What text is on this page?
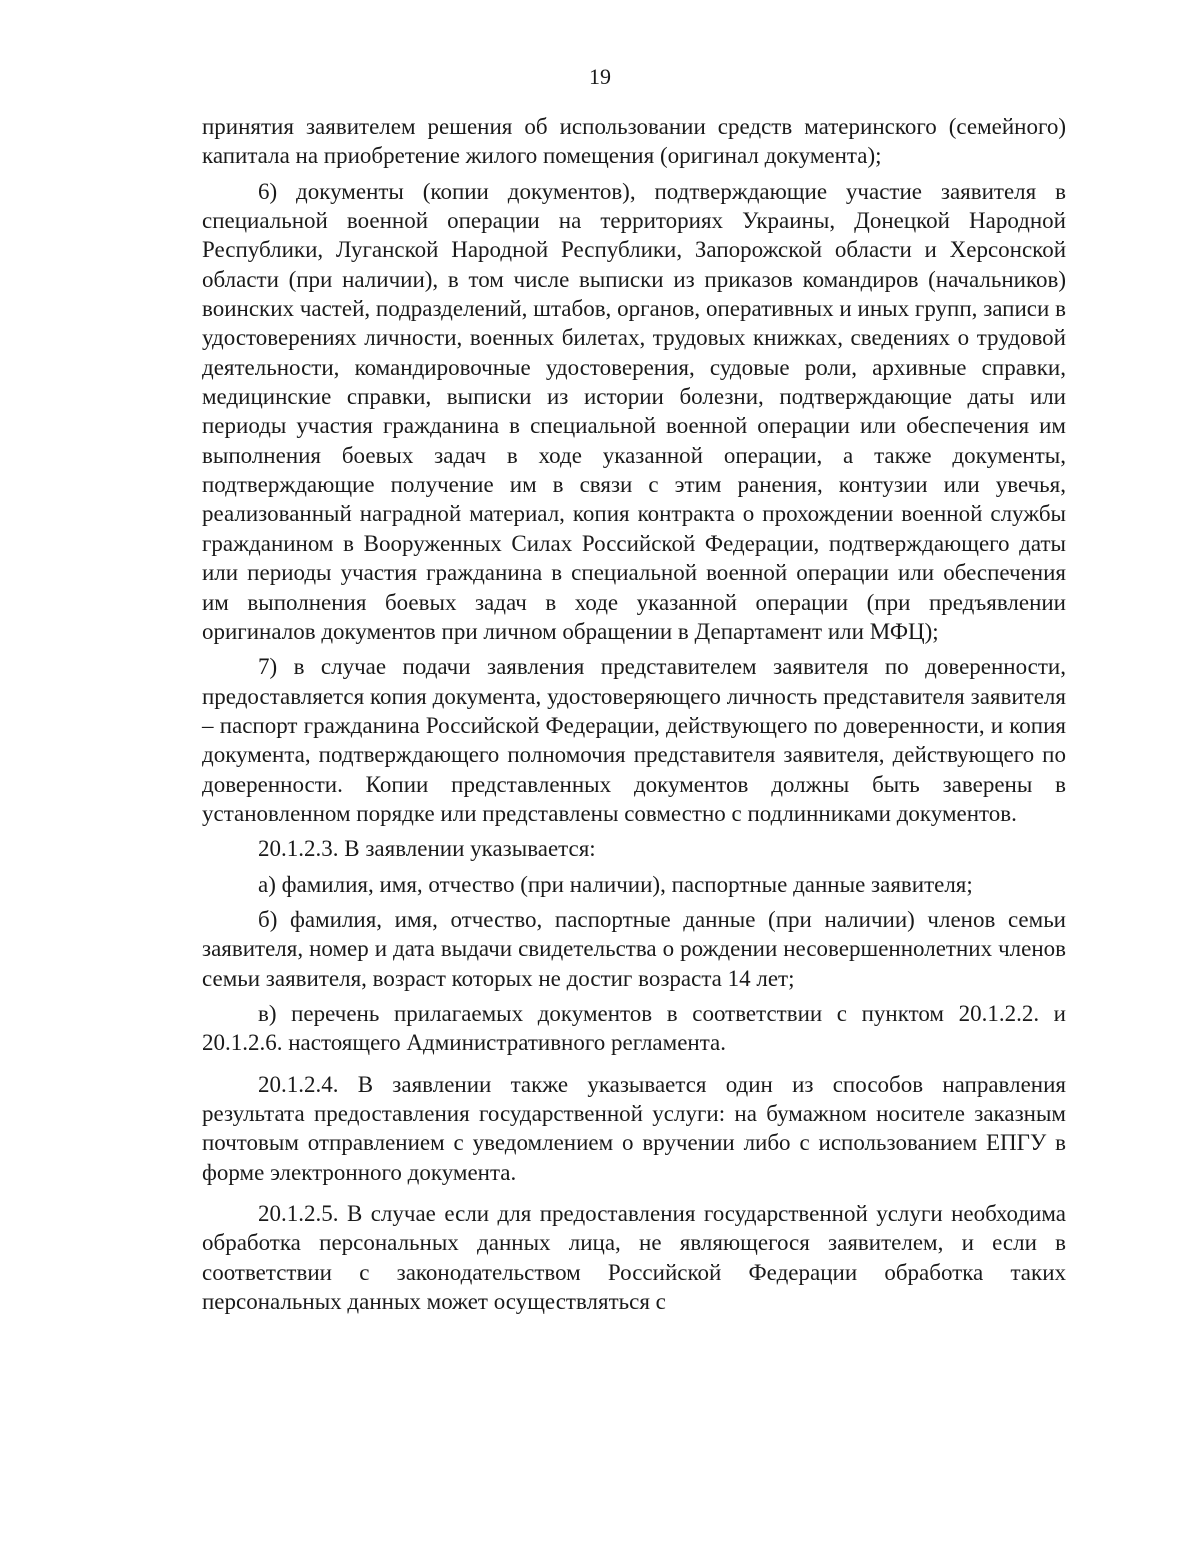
19

принятия заявителем решения об использовании средств материнского (семейного) капитала на приобретение жилого помещения (оригинал документа);

6) документы (копии документов), подтверждающие участие заявителя в специальной военной операции на территориях Украины, Донецкой Народной Республики, Луганской Народной Республики, Запорожской области и Херсонской области (при наличии), в том числе выписки из приказов командиров (начальников) воинских частей, подразделений, штабов, органов, оперативных и иных групп, записи в удостоверениях личности, военных билетах, трудовых книжках, сведениях о трудовой деятельности, командировочные удостоверения, судовые роли, архивные справки, медицинские справки, выписки из истории болезни, подтверждающие даты или периоды участия гражданина в специальной военной операции или обеспечения им выполнения боевых задач в ходе указанной операции, а также документы, подтверждающие получение им в связи с этим ранения, контузии или увечья, реализованный наградной материал, копия контракта о прохождении военной службы гражданином в Вооруженных Силах Российской Федерации, подтверждающего даты или периоды участия гражданина в специальной военной операции или обеспечения им выполнения боевых задач в ходе указанной операции (при предъявлении оригиналов документов при личном обращении в Департамент или МФЦ);

7) в случае подачи заявления представителем заявителя по доверенности, предоставляется копия документа, удостоверяющего личность представителя заявителя – паспорт гражданина Российской Федерации, действующего по доверенности, и копия документа, подтверждающего полномочия представителя заявителя, действующего по доверенности. Копии представленных документов должны быть заверены в установленном порядке или представлены совместно с подлинниками документов.

20.1.2.3. В заявлении указывается:

а) фамилия, имя, отчество (при наличии), паспортные данные заявителя;

б) фамилия, имя, отчество, паспортные данные (при наличии) членов семьи заявителя, номер и дата выдачи свидетельства о рождении несовершеннолетних членов семьи заявителя, возраст которых не достиг возраста 14 лет;

в) перечень прилагаемых документов в соответствии с пунктом 20.1.2.2. и 20.1.2.6. настоящего Административного регламента.

20.1.2.4. В заявлении также указывается один из способов направления результата предоставления государственной услуги: на бумажном носителе заказным почтовым отправлением с уведомлением о вручении либо с использованием ЕПГУ в форме электронного документа.

20.1.2.5. В случае если для предоставления государственной услуги необходима обработка персональных данных лица, не являющегося заявителем, и если в соответствии с законодательством Российской Федерации обработка таких персональных данных может осуществляться с
